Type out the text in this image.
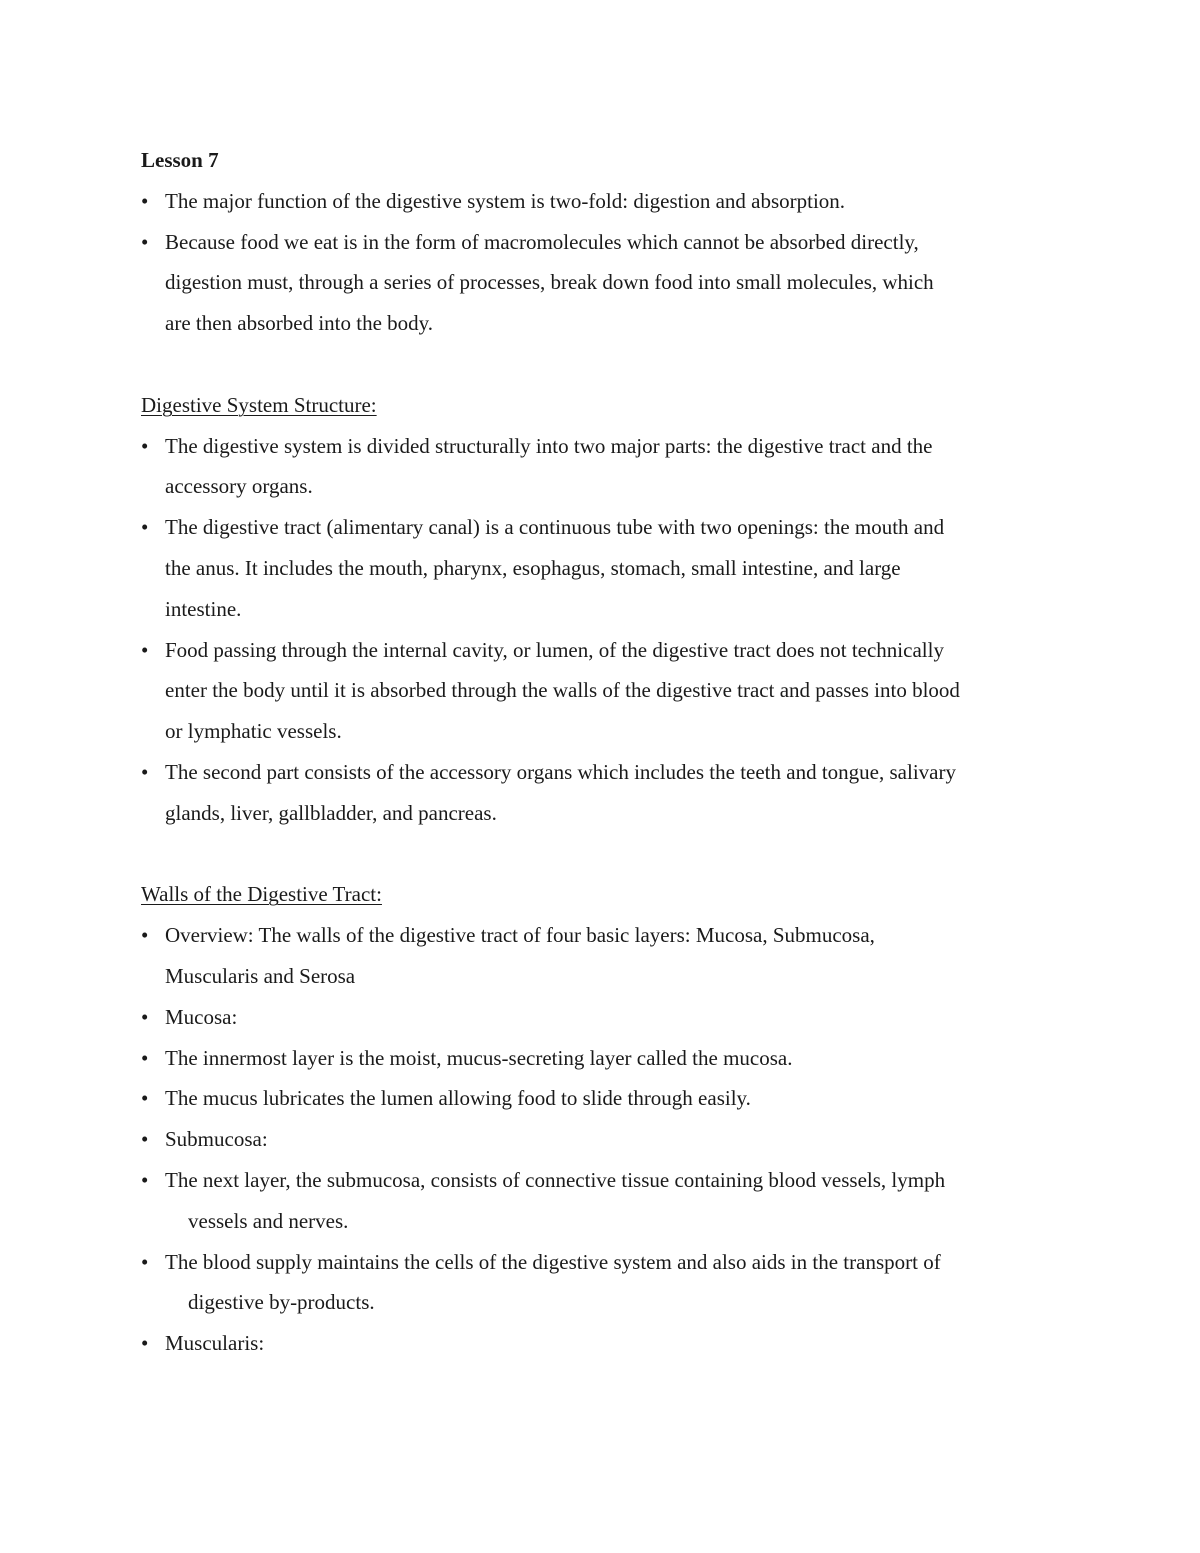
Lesson 7
• The major function of the digestive system is two-fold: digestion and absorption.
• Because food we eat is in the form of macromolecules which cannot be absorbed directly,
digestion must, through a series of processes, break down food into small molecules, which
are then absorbed into the body.
Digestive System Structure:
• The digestive system is divided structurally into two major parts: the digestive tract and the
accessory organs.
• The digestive tract (alimentary canal) is a continuous tube with two openings: the mouth and
the anus. It includes the mouth, pharynx, esophagus, stomach, small intestine, and large
intestine.
• Food passing through the internal cavity, or lumen, of the digestive tract does not technically
enter the body until it is absorbed through the walls of the digestive tract and passes into blood
or lymphatic vessels.
• The second part consists of the accessory organs which includes the teeth and tongue, salivary
glands, liver, gallbladder, and pancreas.
Walls of the Digestive Tract:
• Overview: The walls of the digestive tract of four basic layers: Mucosa, Submucosa,
Muscularis and Serosa
• Mucosa:
• The innermost layer is the moist, mucus-secreting layer called the mucosa.
• The mucus lubricates the lumen allowing food to slide through easily.
• Submucosa:
• The next layer, the submucosa, consists of connective tissue containing blood vessels, lymph
vessels and nerves.
• The blood supply maintains the cells of the digestive system and also aids in the transport of
digestive by-products.
• Muscularis:
